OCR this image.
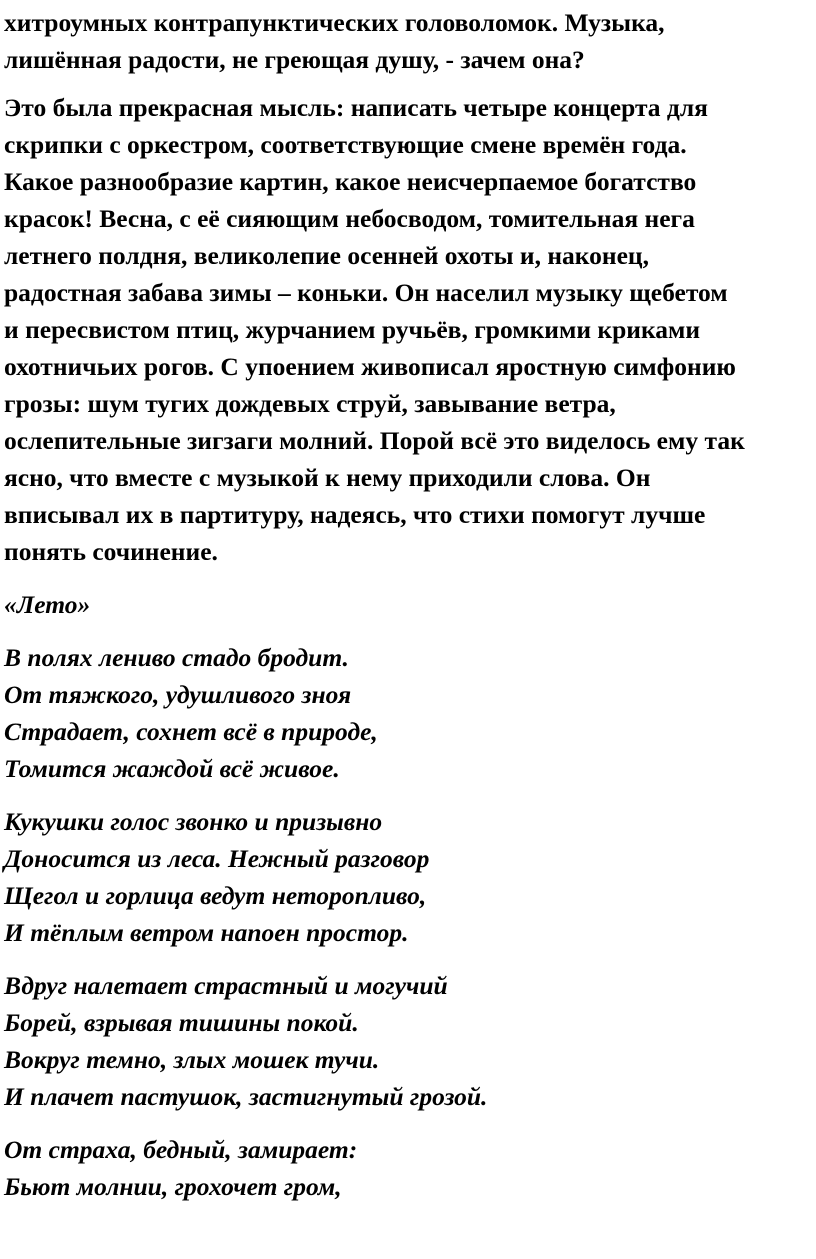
хитроумных контрапунктических головоломок. Музыка,
лишённая радости, не греющая душу, - зачем она?

Это была прекрасная мысль: написать четыре концерта для
скрипки с оркестром, соответствующие смене времён года.
Какое разнообразие картин, какое неисчерпаемое богатство
красок! Весна, с её сияющим небосводом, томительная нега
летнего полдня, великолепие осенней охоты и, наконец,
радостная забава зимы – коньки. Он населил музыку щебетом
и пересвистом птиц, журчанием ручьёв, громкими криками
охотничьих рогов. С упоением живописал яростную симфонию
грозы: шум тугих дождевых струй, завывание ветра,
ослепительные зигзаги молний. Порой всё это виделось ему так
ясно, что вместе с музыкой к нему приходили слова. Он
вписывал их в партитуру, надеясь, что стихи помогут лучше
понять сочинение.

«Лето»

В полях лениво стадо бродит.
От тяжкого, удушливого зноя
Страдает, сохнет всё в природе,
Томится жаждой всё живое.

Кукушки голос звонко и призывно
Доносится из леса. Нежный разговор
Щегол и горлица ведут неторопливо,
И тёплым ветром напоен простор.

Вдруг налетает страстный и могучий
Борей, взрывая тишины покой.
Вокруг темно, злых мошек тучи.
И плачет пастушок, застигнутый грозой.

От страха, бедный, замирает:
Бьют молнии, грохочет гром,
